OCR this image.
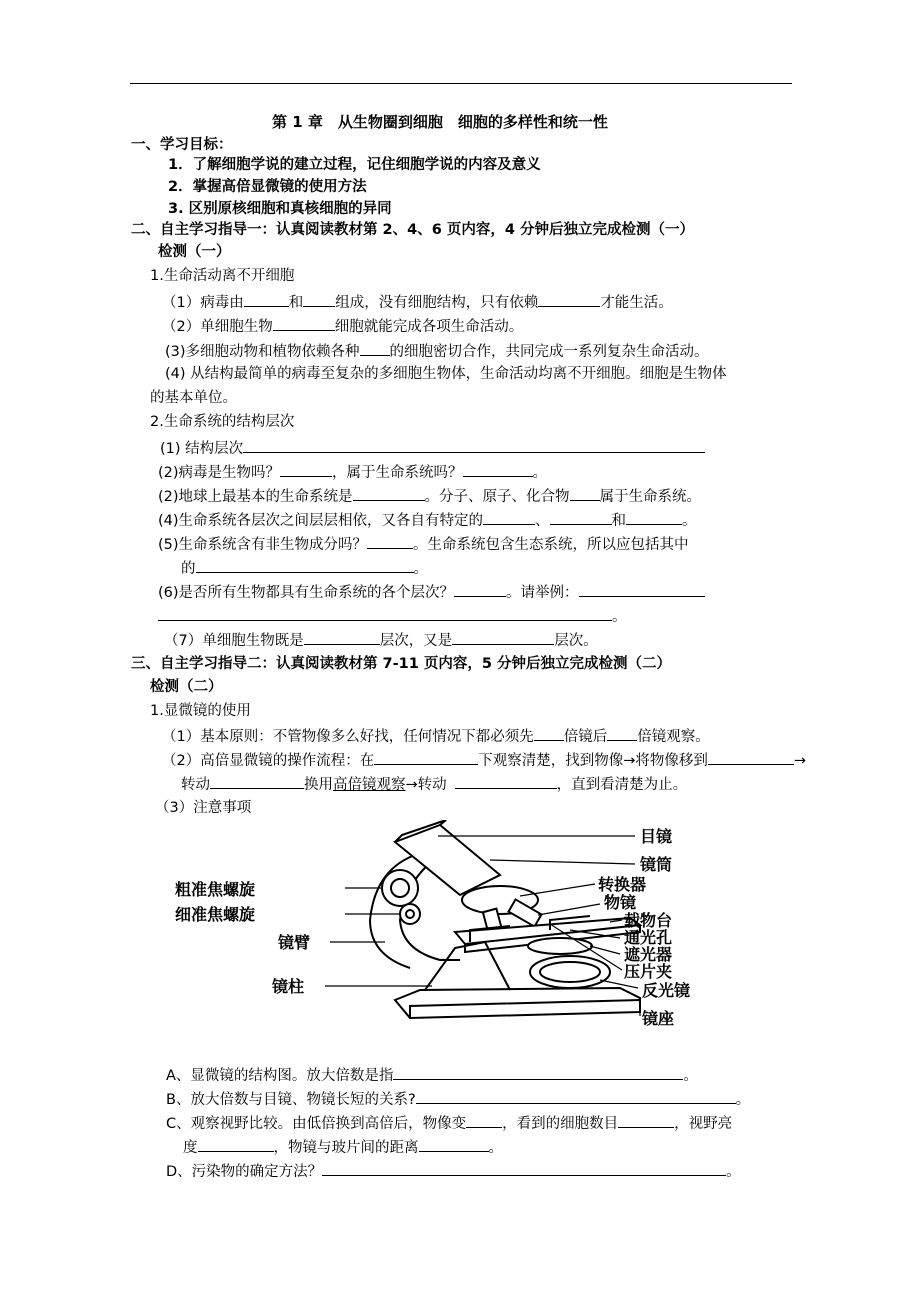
第 1 章　从生物圈到细胞　细胞的多样性和统一性
一、学习目标：
1．了解细胞学说的建立过程，记住细胞学说的内容及意义
2．掌握高倍显微镜的使用方法
3. 区别原核细胞和真核细胞的异同
二、自主学习指导一：认真阅读教材第 2、4、6 页内容，4 分钟后独立完成检测（一）
检测（一）
1.生命活动离不开细胞
（1）病毒由	和 组成，没有细胞结构，只有依赖	才能生活。
（2）单细胞生物	细胞就能完成各项生命活动。
(3)多细胞动物和植物依赖各种 的细胞密切合作，共同完成一系列复杂生命活动。
(4) 从结构最简单的病毒至复杂的多细胞生物体，生命活动均离不开细胞。细胞是生物体
的基本单位。
2.生命系统的结构层次
(1) 结构层次
(2)病毒是生物吗？	，属于生命系统吗？	。
(2)地球上最基本的生命系统是	。分子、原子、化合物 属于生命系统。
(4)生命系统各层次之间层层相依，又各自有特定的	、	和	。
(5)生命系统含有非生物成分吗？	。生命系统包含生态系统，所以应包括其中
的	。
(6)是否所有生物都具有生命系统的各个层次？	。请举例：
。
（7）单细胞生物既是	层次，又是	层次。
三、自主学习指导二：认真阅读教材第 7-11 页内容，5 分钟后独立完成检测（二）
检测（二）
1.显微镜的使用
（1）基本原则：不管物像多么好找，任何情况下都必须先 倍镜后 倍镜观察。
（2）高倍显微镜的操作流程：在	下观察清楚，找到物像→将物像移到	→
转动	换用高倍镜观察→转动	，直到看清楚为止。
（3）注意事项
粗准焦螺旋
细准焦螺旋
镜臂
镜柱
目镜
镜筒
转换器
物镜
载物台
通光孔
遮光器
压片夹
反光镜
镜座
A、显微镜的结构图。放大倍数是指	。
B、放大倍数与目镜、物镜长短的关系?	。
C、观察视野比较。由低倍换到高倍后，物像变 ，看到的细胞数目	，视野亮
度	，物镜与玻片间的距离	。
D、污染物的确定方法？	。
